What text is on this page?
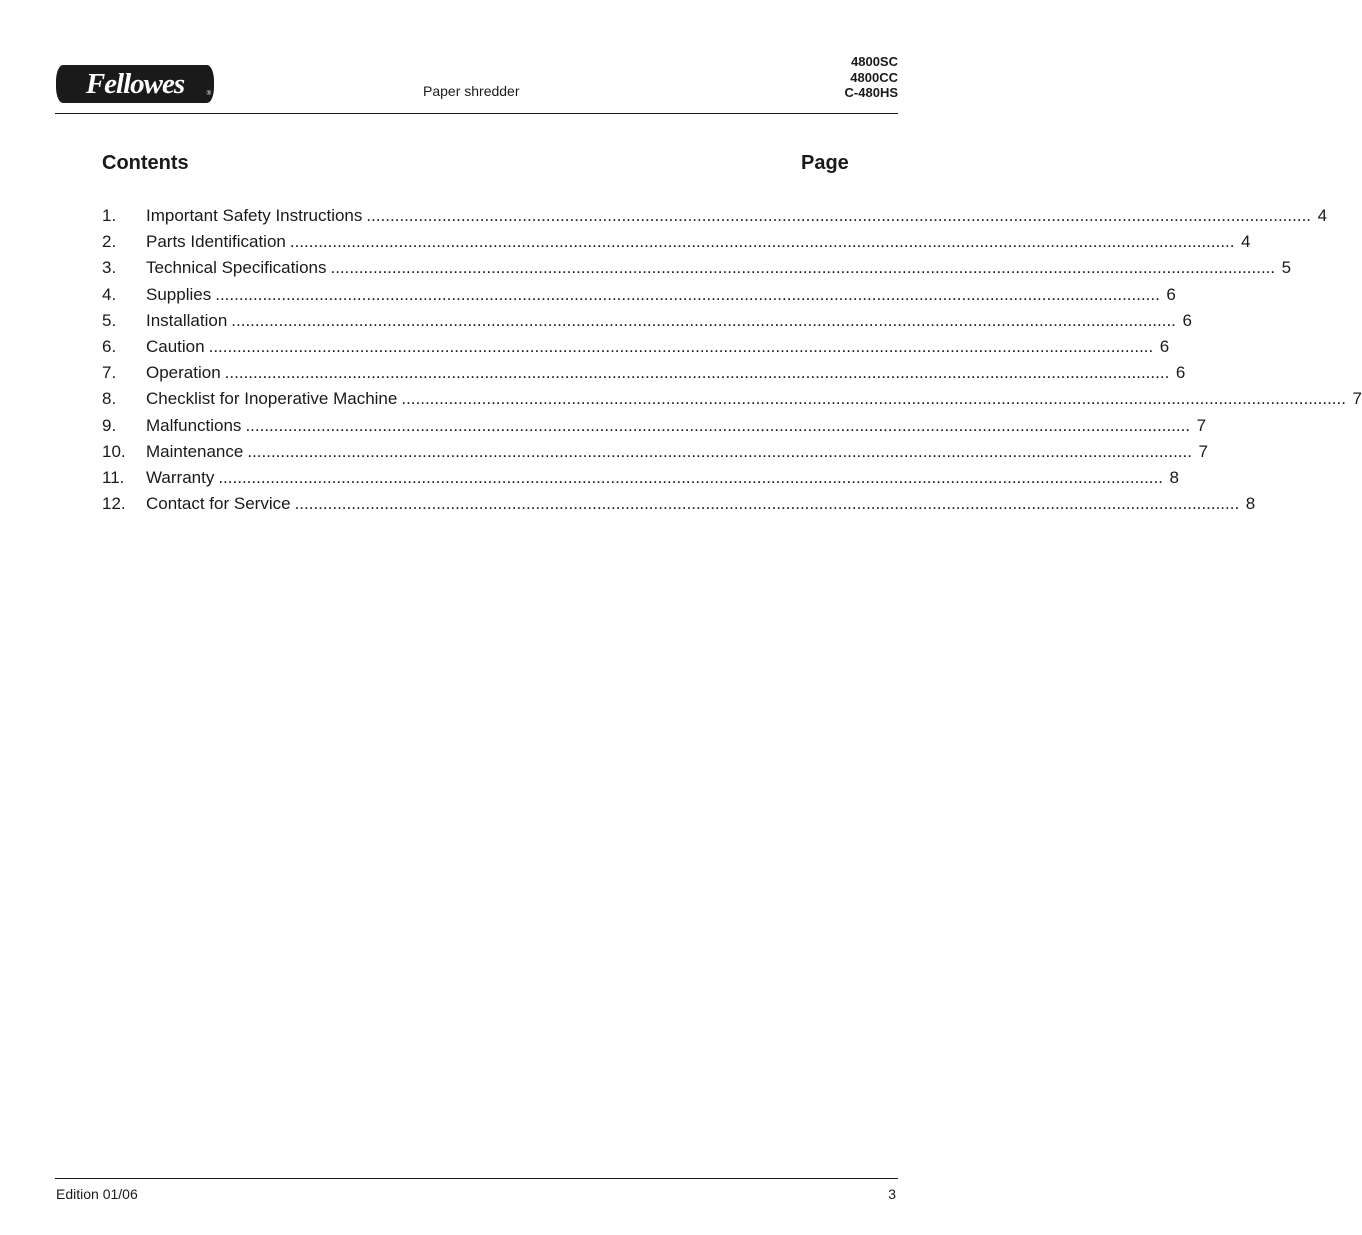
Fellowes	®	Paper shredder
4800SC
4800CC
C-480HS
Contents	Page
1.	Important Safety Instructions ........................................................................................................................................................................................................ 4
2.	Parts Identification ........................................................................................................................................................................................................ 4
3.	Technical Specifications ........................................................................................................................................................................................................ 5
4.	Supplies ........................................................................................................................................................................................................ 6
5.	Installation ........................................................................................................................................................................................................ 6
6.	Caution ........................................................................................................................................................................................................ 6
7.	Operation ........................................................................................................................................................................................................ 6
8.	Checklist for Inoperative Machine ........................................................................................................................................................................................................ 7
9.	Malfunctions ........................................................................................................................................................................................................ 7
10.	Maintenance ........................................................................................................................................................................................................ 7
11.	Warranty ........................................................................................................................................................................................................ 8
12.	Contact for Service ........................................................................................................................................................................................................ 8
Edition 01/06	3
